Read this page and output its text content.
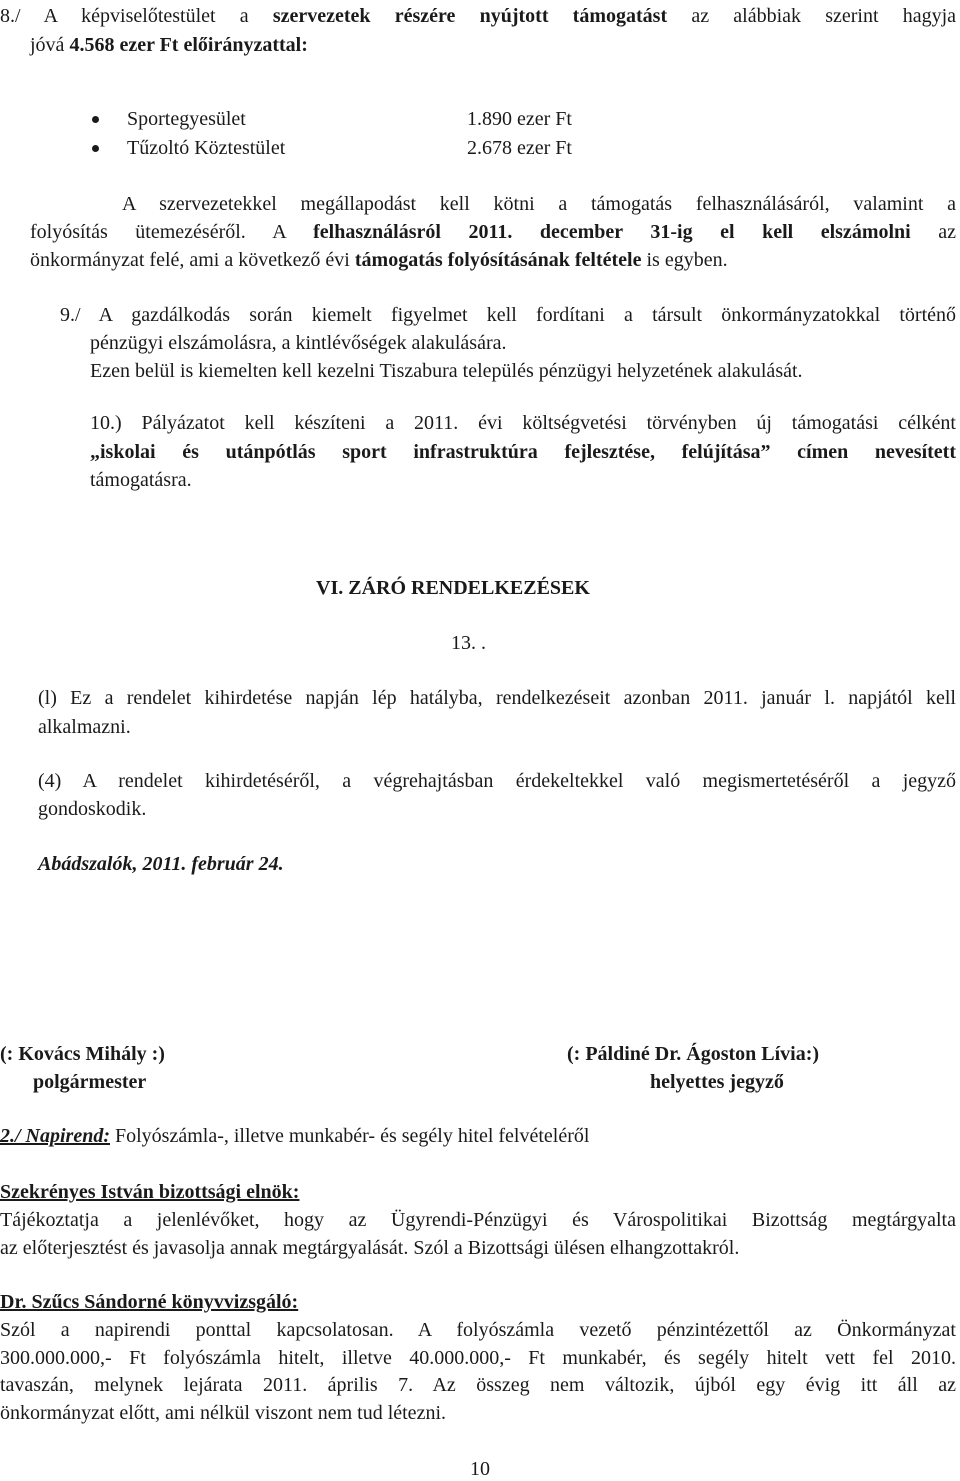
8./ A képviselőtestület a szervezetek részére nyújtott támogatást az alábbiak szerint hagyja
jóvá 4.568 ezer Ft előirányzattal:
Sportegyesület	1.890 ezer Ft
Tűzoltó Köztestület	2.678 ezer Ft
A szervezetekkel megállapodást kell kötni a támogatás felhasználásáról, valamint a
folyósítás ütemezéséről. A felhasználásról 2011. december 31-ig el kell elszámolni az
önkormányzat felé, ami a következő évi támogatás folyósításának feltétele is egyben.
9./ A gazdálkodás során kiemelt figyelmet kell fordítani a társult önkormányzatokkal történő
pénzügyi elszámolásra, a kintlévőségek alakulására.
Ezen belül is kiemelten kell kezelni Tiszabura település pénzügyi helyzetének alakulását.
10.) Pályázatot kell készíteni a 2011. évi költségvetési törvényben új támogatási célként
„iskolai és utánpótlás sport infrastruktúra fejlesztése, felújítása” címen nevesített
támogatásra.
VI. ZÁRÓ RENDELKEZÉSEK
13. .
(l) Ez a rendelet kihirdetése napján lép hatályba, rendelkezéseit azonban 2011. január l. napjától kell
alkalmazni.
(4) A rendelet kihirdetéséről, a végrehajtásban érdekeltekkel való megismertetéséről a jegyző
gondoskodik.
Abádszalók, 2011. február 24.
(: Kovács Mihály :)
polgármester
(: Páldiné Dr. Ágoston Lívia:)
helyettes jegyző
2./ Napirend: Folyószámla-, illetve munkabér- és segély hitel felvételéről
Szekrényes István bizottsági elnök:
Tájékoztatja a jelenlévőket, hogy az Ügyrendi-Pénzügyi és Várospolitikai Bizottság megtárgyalta
az előterjesztést és javasolja annak megtárgyalását. Szól a Bizottsági ülésen elhangzottakról.
Dr. Szűcs Sándorné könyvvizsgáló:
Szól a napirendi ponttal kapcsolatosan. A folyószámla vezető pénzintézettől az Önkormányzat
300.000.000,- Ft folyószámla hitelt, illetve 40.000.000,- Ft munkabér, és segély hitelt vett fel 2010.
tavaszán, melynek lejárata 2011. április 7. Az összeg nem változik, újból egy évig itt áll az
önkormányzat előtt, ami nélkül viszont nem tud létezni.
10
